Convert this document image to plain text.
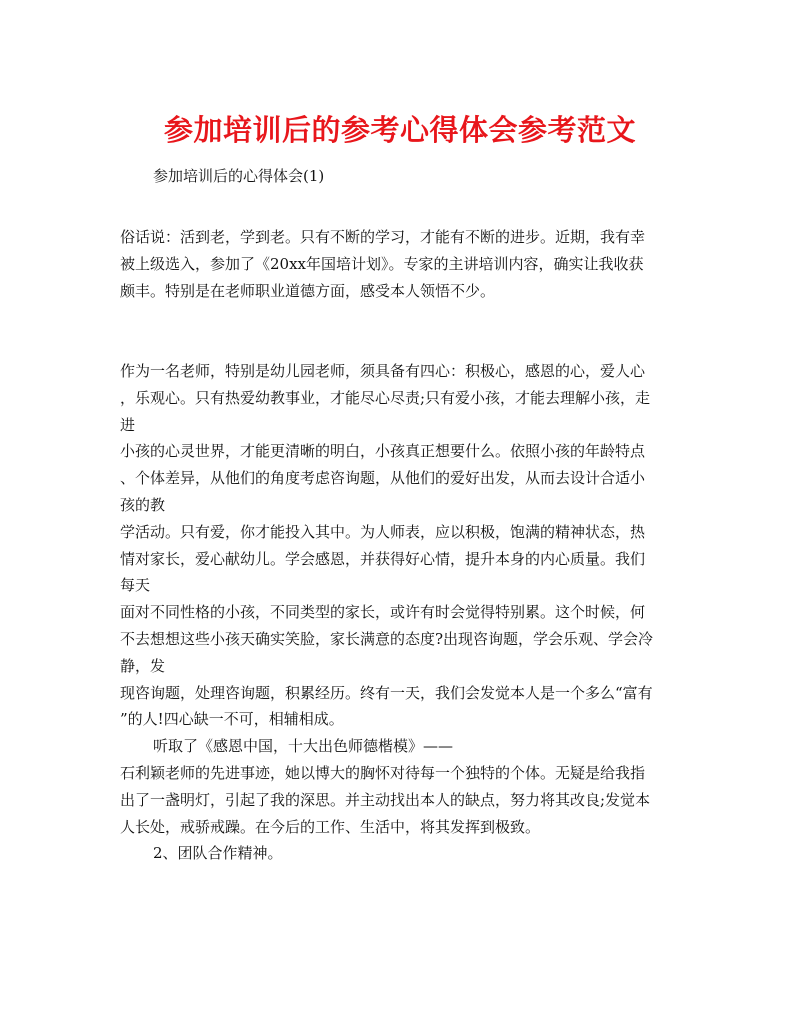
参加培训后的参考心得体会参考范文
参加培训后的心得体会(1)
俗话说：活到老，学到老。只有不断的学习，才能有不断的进步。近期，我有幸
被上级选入，参加了《20xx年国培计划》。专家的主讲培训内容，确实让我收获
颇丰。特别是在老师职业道德方面，感受本人领悟不少。
作为一名老师，特别是幼儿园老师，须具备有四心：积极心，感恩的心，爱人心
，乐观心。只有热爱幼教事业，才能尽心尽责;只有爱小孩，才能去理解小孩，走
进
小孩的心灵世界，才能更清晰的明白，小孩真正想要什么。依照小孩的年龄特点
、个体差异，从他们的角度考虑咨询题，从他们的爱好出发，从而去设计合适小
孩的教
学活动。只有爱，你才能投入其中。为人师表，应以积极，饱满的精神状态，热
情对家长，爱心献幼儿。学会感恩，并获得好心情，提升本身的内心质量。我们
每天
面对不同性格的小孩，不同类型的家长，或许有时会觉得特别累。这个时候，何
不去想想这些小孩天确实笑脸，家长满意的态度?出现咨询题，学会乐观、学会冷
静，发
现咨询题，处理咨询题，积累经历。终有一天，我们会发觉本人是一个多么“富有
”的人!四心缺一不可，相辅相成。
听取了《感恩中国，十大出色师德楷模》——
石利颖老师的先进事迹，她以博大的胸怀对待每一个独特的个体。无疑是给我指
出了一盏明灯，引起了我的深思。并主动找出本人的缺点，努力将其改良;发觉本
人长处，戒骄戒躁。在今后的工作、生活中，将其发挥到极致。
2、团队合作精神。
